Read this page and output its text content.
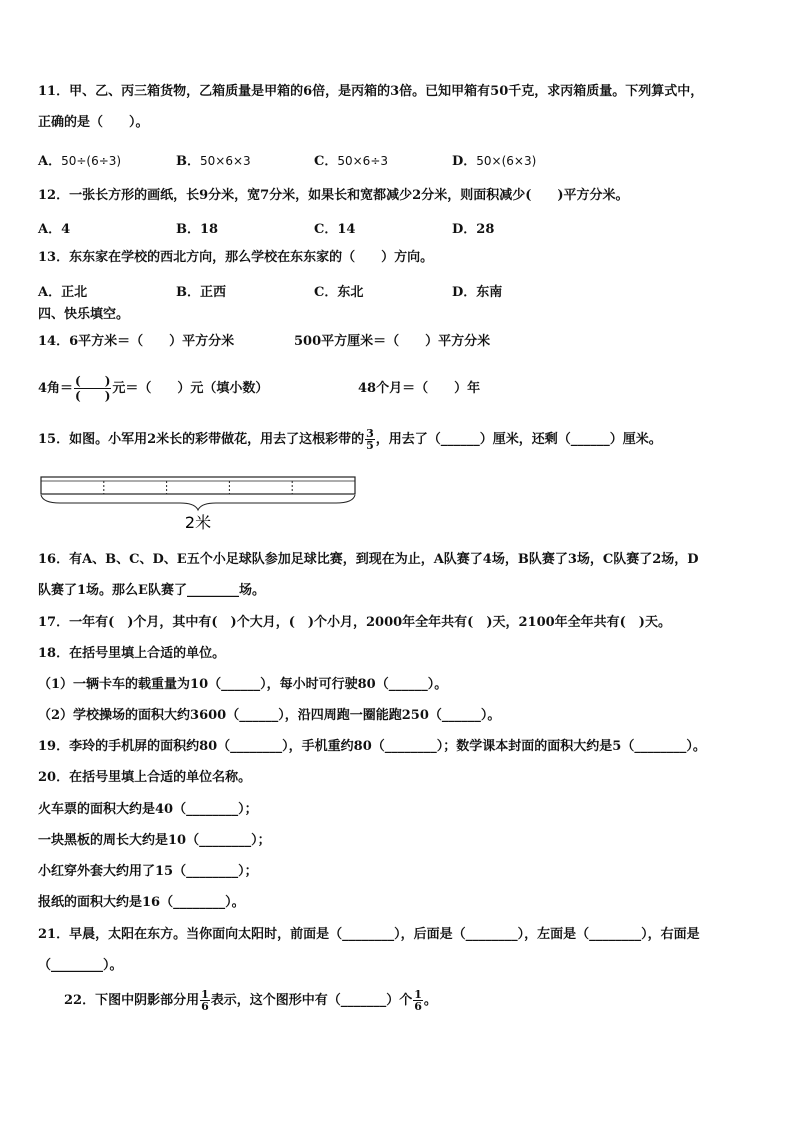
11．甲、乙、丙三箱货物，乙箱质量是甲箱的6倍，是丙箱的3倍。已知甲箱有50千克，求丙箱质量。下列算式中，
正确的是（　　）。
A．50÷(6÷3)	B．50×6×3	C．50×6÷3	D．50×(6×3)
12．一张长方形的画纸，长9分米，宽7分米，如果长和宽都减少2分米，则面积减少(　　)平方分米。
A．4	B．18	C．14	D．28
13．东东家在学校的西北方向，那么学校在东东家的（　　）方向。
A．正北	B．正西	C．东北	D．东南
四、快乐填空。
14．6平方米＝（　　）平方分米	500平方厘米＝（　　）平方分米
4角＝ $\frac{( )}{( )}$ 元＝（　　）元（填小数）	48个月＝（　　）年
15．如图。小军用2米长的彩带做花，用去了这根彩带的 $\frac{3}{5}$ ，用去了（______）厘米，还剩（______）厘米。
2米
16．有A、B、C、D、E五个小足球队参加足球比赛，到现在为止，A队赛了4场，B队赛了3场，C队赛了2场，D
队赛了1场。那么E队赛了________场。
17．一年有(　)个月，其中有(　)个大月，(　)个小月，2000年全年共有(　)天，2100年全年共有(　)天。
18．在括号里填上合适的单位。
（1）一辆卡车的载重量为10（______），每小时可行驶80（______）。
（2）学校操场的面积大约3600（______），沿四周跑一圈能跑250（______）。
19．李玲的手机屏的面积约80（________），手机重约80（________）；数学课本封面的面积大约是5（________）。
20．在括号里填上合适的单位名称。
火车票的面积大约是40（________）；
一块黑板的周长大约是10（________）；
小红穿外套大约用了15（________）；
报纸的面积大约是16（________）。
21．早晨，太阳在东方。当你面向太阳时，前面是（________），后面是（________），左面是（________），右面是
（________）。
22．下图中阴影部分用 $\frac{1}{6}$ 表示，这个图形中有（_______）个 $\frac{1}{6}$ 。
